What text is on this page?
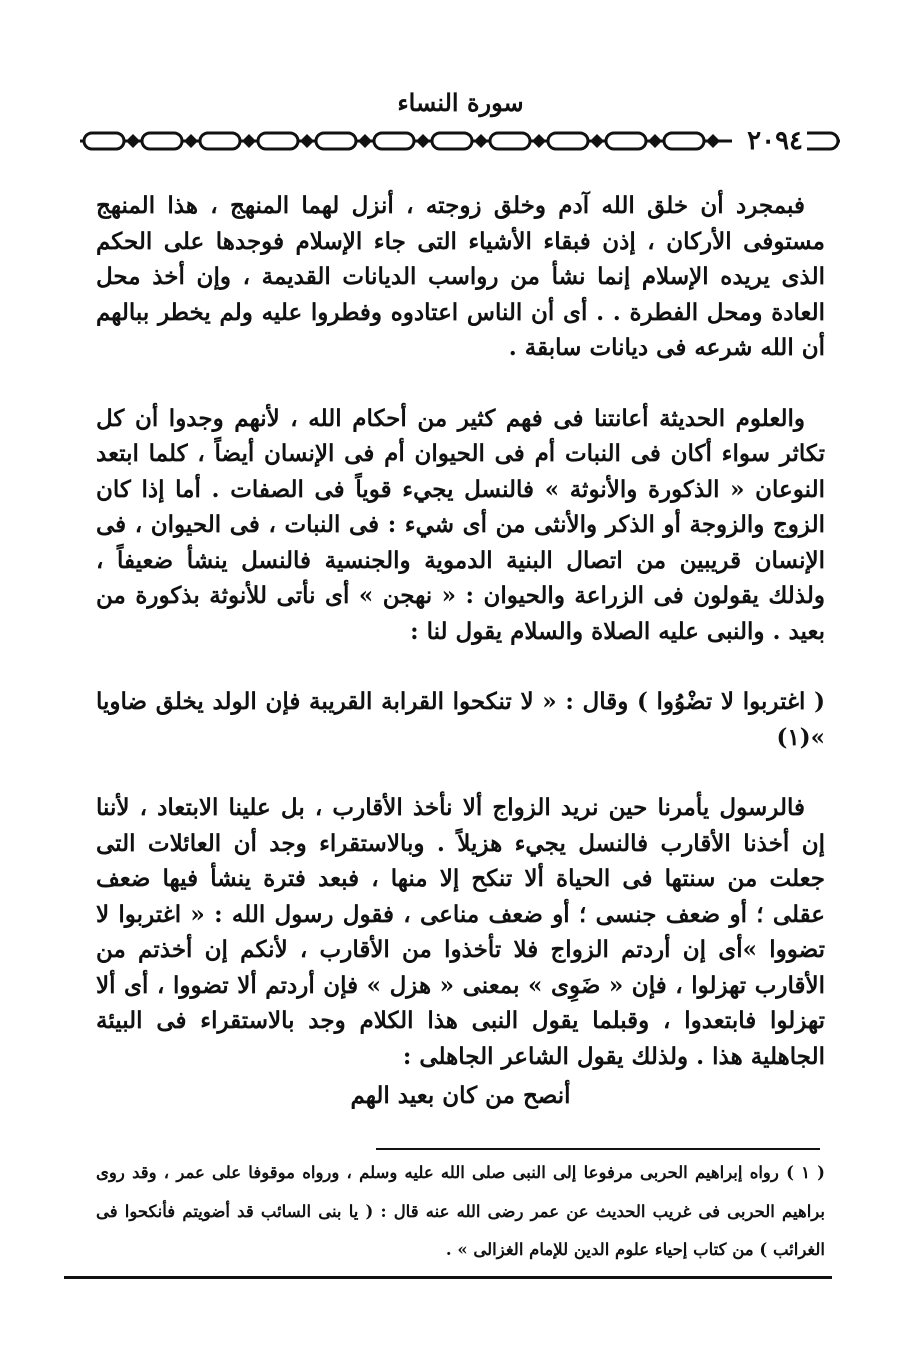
سورة النساء
٢٠٩٤

فبمجرد أن خلق الله آدم وخلق زوجته ، أنزل لهما المنهج ، هذا المنهج مستوفى الأركان ، إذن فبقاء الأشياء التى جاء الإسلام فوجدها على الحكم الذى يريده الإسلام إنما نشأ من رواسب الديانات القديمة ، وإن أخذ محل العادة ومحل الفطرة . . أى أن الناس اعتادوه وفطروا عليه ولم يخطر ببالهم أن الله شرعه فى ديانات سابقة .

والعلوم الحديثة أعانتنا فى فهم كثير من أحكام الله ، لأنهم وجدوا أن كل تكاثر سواء أكان فى النبات أم فى الحيوان أم فى الإنسان أيضاً ، كلما ابتعد النوعان « الذكورة والأنوثة » فالنسل يجيء قوياً فى الصفات . أما إذا كان الزوج والزوجة أو الذكر والأنثى من أى شيء : فى النبات ، فى الحيوان ، فى الإنسان قريبين من اتصال البنية الدموية والجنسية فالنسل ينشأ ضعيفاً ، ولذلك يقولون فى الزراعة والحيوان : « نهجن » أى نأتى للأنوثة بذكورة من بعيد . والنبى عليه الصلاة والسلام يقول لنا :

( اغتربوا لا تضْوُوا ) وقال : « لا تنكحوا القرابة القريبة فإن الولد يخلق ضاويا »(١)

فالرسول يأمرنا حين نريد الزواج ألا نأخذ الأقارب ، بل علينا الابتعاد ، لأننا إن أخذنا الأقارب فالنسل يجيء هزيلاً . وبالاستقراء وجد أن العائلات التى جعلت من سنتها فى الحياة ألا تنكح إلا منها ، فبعد فترة ينشأ فيها ضعف عقلى ؛ أو ضعف جنسى ؛ أو ضعف مناعى ، فقول رسول الله : « اغتربوا لا تضووا »أى إن أردتم الزواج فلا تأخذوا من الأقارب ، لأنكم إن أخذتم من الأقارب تهزلوا ، فإن « ضَوِى » بمعنى « هزل » فإن أردتم ألا تضووا ، أى ألا تهزلوا فابتعدوا ، وقبلما يقول النبى هذا الكلام وجد بالاستقراء فى البيئة الجاهلية هذا . ولذلك يقول الشاعر الجاهلى :

أنصح من كان بعيد الهم

( ١ ) رواه إبراهيم الحربى مرفوعا إلى النبى صلى الله عليه وسلم ، ورواه موقوفا على عمر ، وقد روى براهيم الحربى فى غريب الحديث عن عمر رضى الله عنه قال : ( يا بنى السائب قد أضويتم فأنكحوا فى الغرائب ) من كتاب إحياء علوم الدين للإمام الغزالى » .
